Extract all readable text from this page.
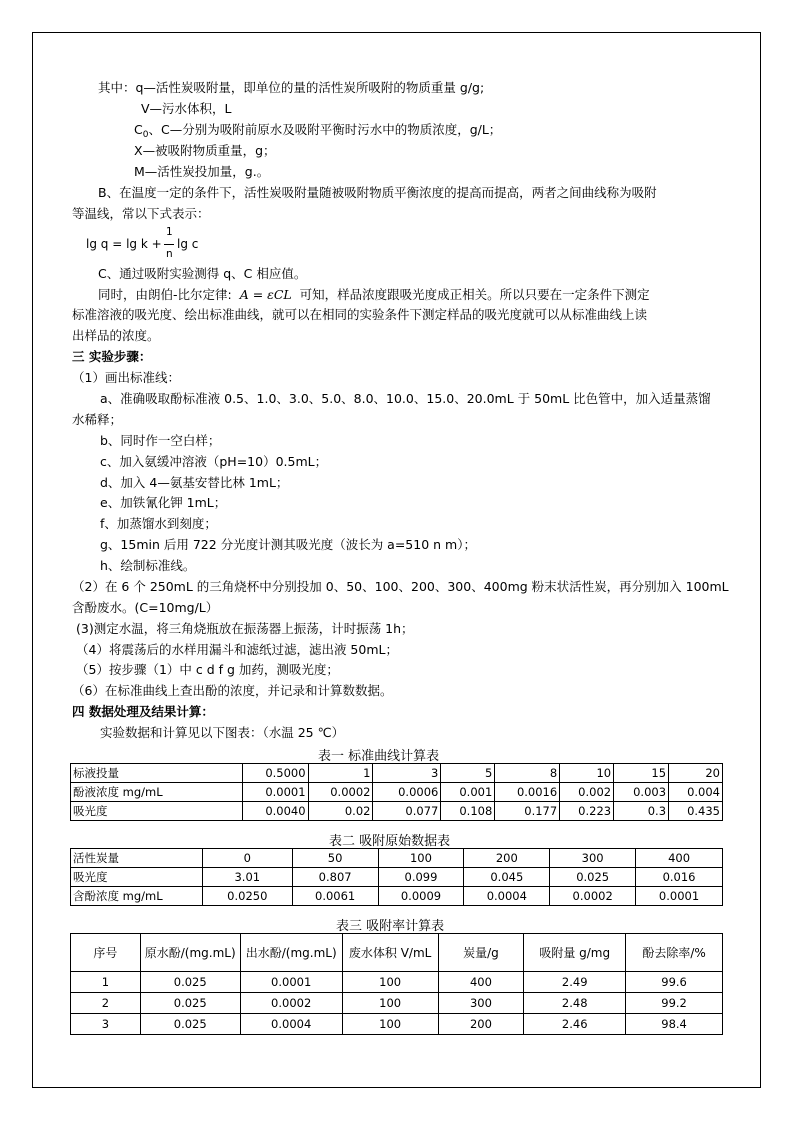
其中：q—活性炭吸附量，即单位的量的活性炭所吸附的物质重量 g/g;
V—污水体积，L
$C_0$、C—分别为吸附前原水及吸附平衡时污水中的物质浓度，g/L；
X—被吸附物质重量，g；
M—活性炭投加量，g.。
B、在温度一定的条件下，活性炭吸附量随被吸附物质平衡浓度的提高而提高，两者之间曲线称为吸附
等温线，常以下式表示：
lg q = lg k +
1
n
lg c
C、通过吸附实验测得 q、C 相应值。
同时，由朗伯-比尔定律: A = εCL 可知，样品浓度跟吸光度成正相关。所以只要在一定条件下测定
标准溶液的吸光度、绘出标准曲线，就可以在相同的实验条件下测定样品的吸光度就可以从标准曲线上读
出样品的浓度。
三 实验步骤：
（1）画出标准线：
a、准确吸取酚标准液 0.5、1.0、3.0、5.0、8.0、10.0、15.0、20.0mL 于 50mL 比色管中，加入适量蒸馏
水稀释；
b、同时作一空白样；
c、加入氨缓冲溶液（pH=10）0.5mL；
d、加入 4—氨基安替比林 1mL；
e、加铁氰化钾 1mL；
f、加蒸馏水到刻度；
g、15min 后用 722 分光度计测其吸光度（波长为 a=510 n m）；
h、绘制标准线。
（2）在 6 个 250mL 的三角烧杯中分别投加 0、50、100、200、300、400mg 粉末状活性炭，再分别加入 100mL
含酚废水。(C=10mg/L）
(3)测定水温，将三角烧瓶放在振荡器上振荡，计时振荡 1h；
（4）将震荡后的水样用漏斗和滤纸过滤，滤出液 50mL；
（5）按步骤（1）中 c d f g 加药，测吸光度；
（6）在标准曲线上查出酚的浓度，并记录和计算数数据。
四 数据处理及结果计算：
实验数据和计算见以下图表：（水温 25 ℃）
表一 标准曲线计算表
标液投量	0.5000	1	3	5	8	10	15	20
酚液浓度 mg/mL	0.0001	0.0002	0.0006	0.001	0.0016	0.002	0.003	0.004
吸光度	0.0040	0.02	0.077	0.108	0.177	0.223	0.3	0.435
表二 吸附原始数据表
活性炭量	0	50	100	200	300	400
吸光度	3.01	0.807	0.099	0.045	0.025	0.016
含酚浓度 mg/mL	0.0250	0.0061	0.0009	0.0004	0.0002	0.0001
表三 吸附率计算表
序号	原水酚/(mg.mL)	出水酚/(mg.mL)	废水体积 V/mL	炭量/g	吸附量 g/mg	酚去除率/%
1	0.025	0.0001	100	400	2.49	99.6
2	0.025	0.0002	100	300	2.48	99.2
3	0.025	0.0004	100	200	2.46	98.4
